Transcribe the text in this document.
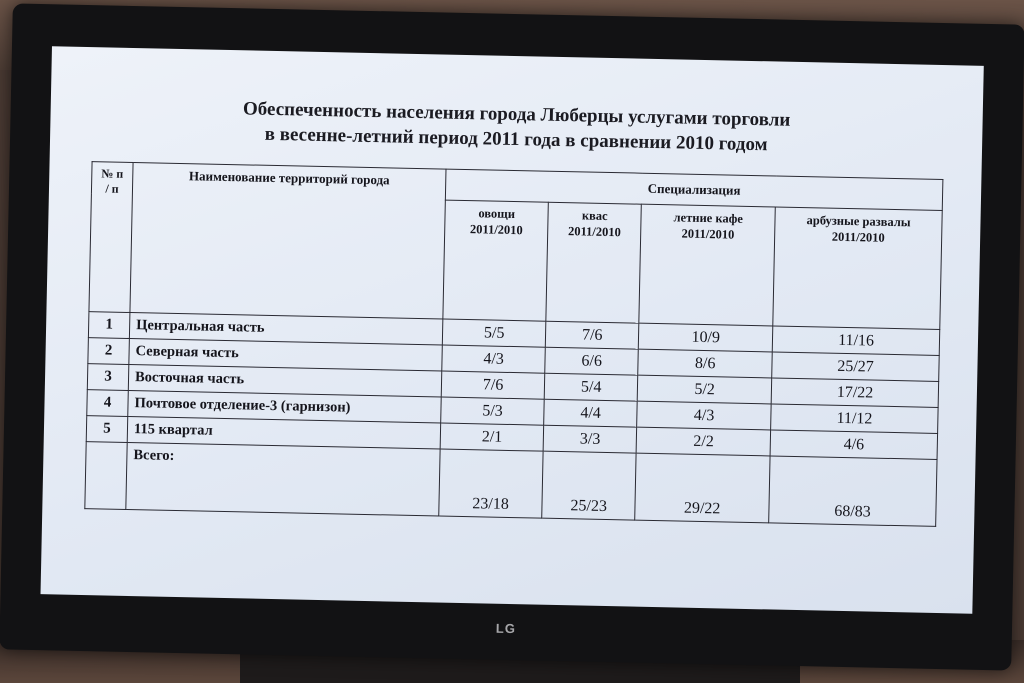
Обеспеченность населения города Люберцы услугами торговли
в весенне-летний период 2011 года в сравнении 2010 годом
№ п / п	Наименование территорий города	Специализация			
		овощи 2011/2010	квас 2011/2010	летние кафе 2011/2010	арбузные развалы 2011/2010
1	Центральная часть	5/5	7/6	10/9	11/16
2	Северная часть	4/3	6/6	8/6	25/27
3	Восточная часть	7/6	5/4	5/2	17/22
4	Почтовое отделение-3 (гарнизон)	5/3	4/4	4/3	11/12
5	115 квартал	2/1	3/3	2/2	4/6
	Всего:	23/18	25/23	29/22	68/83
LG
